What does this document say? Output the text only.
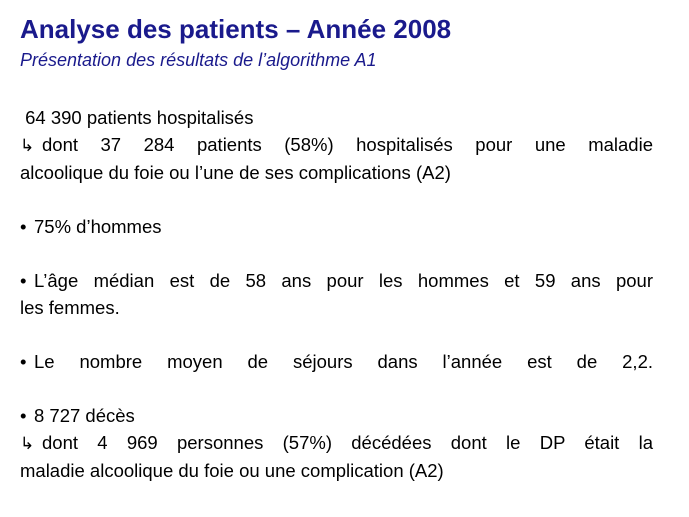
Analyse des patients – Année 2008
Présentation des résultats de l’algorithme A1
64 390 patients hospitalisés
↳ dont 37 284 patients (58%) hospitalisés pour une maladie
alcoolique du foie ou l’une de ses complications (A2)
• 75% d’hommes
• L’âge médian est de 58 ans pour les hommes et 59 ans pour
les femmes.
• Le nombre moyen de séjours dans l’année est de 2,2.
• 8 727 décès
↳ dont 4 969 personnes (57%) décédées dont le DP était la
maladie alcoolique du foie ou une complication (A2)
